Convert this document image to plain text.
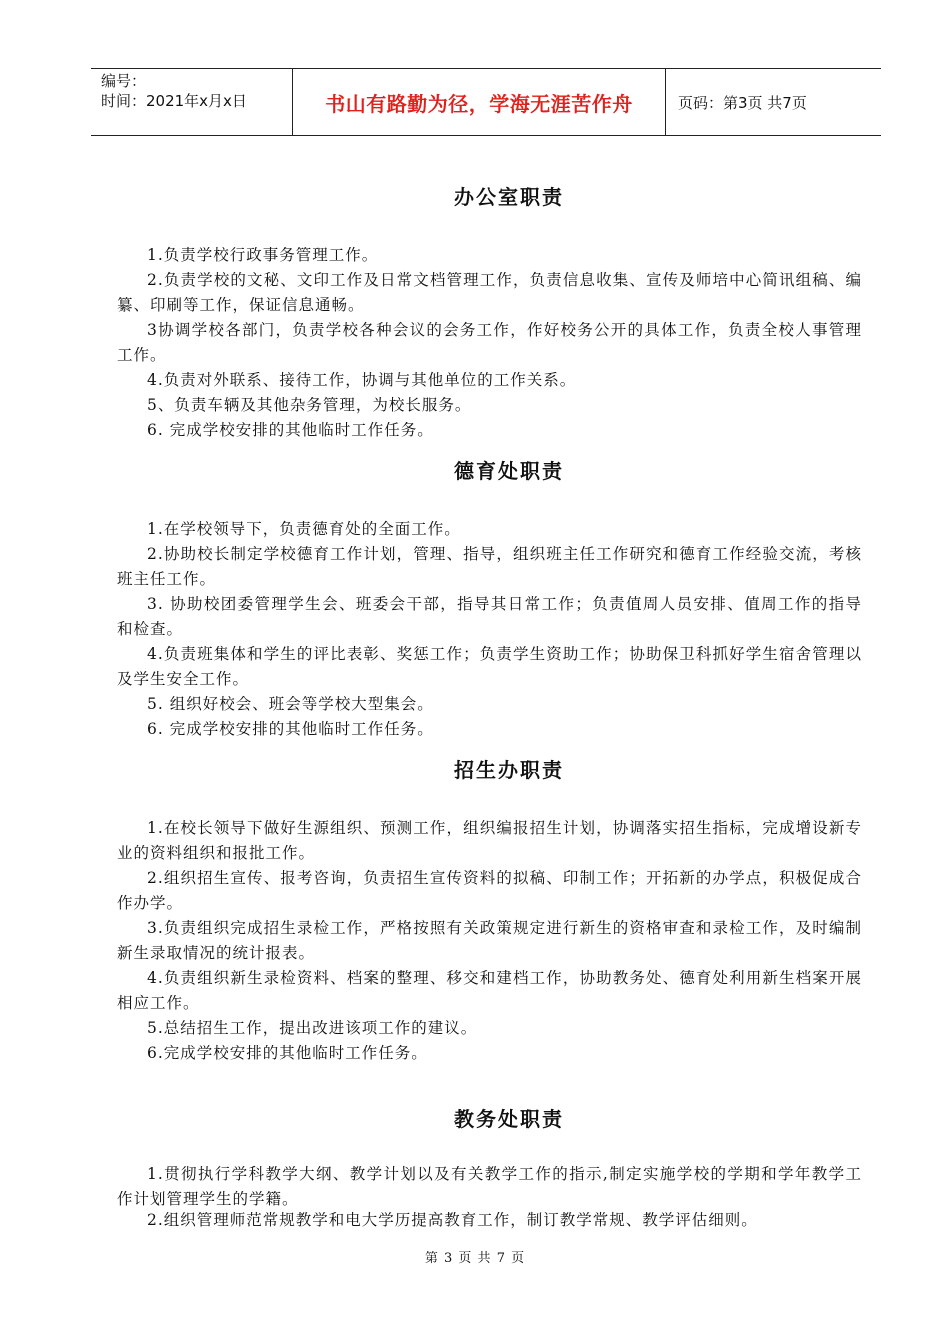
编号：
时间：2021年x月x日	书山有路勤为径，学海无涯苦作舟	页码：第3页 共7页
办公室职责
1.负责学校行政事务管理工作。
2.负责学校的文秘、文印工作及日常文档管理工作，负责信息收集、宣传及师培中心简讯组稿、编纂、印刷等工作，保证信息通畅。
3协调学校各部门，负责学校各种会议的会务工作，作好校务公开的具体工作，负责全校人事管理工作。
4.负责对外联系、接待工作，协调与其他单位的工作关系。
5、负责车辆及其他杂务管理，为校长服务。
6. 完成学校安排的其他临时工作任务。
德育处职责
1.在学校领导下，负责德育处的全面工作。
2.协助校长制定学校德育工作计划，管理、指导，组织班主任工作研究和德育工作经验交流，考核班主任工作。
3. 协助校团委管理学生会、班委会干部，指导其日常工作；负责值周人员安排、值周工作的指导和检查。
4.负责班集体和学生的评比表彰、奖惩工作；负责学生资助工作；协助保卫科抓好学生宿舍管理以及学生安全工作。
5. 组织好校会、班会等学校大型集会。
6. 完成学校安排的其他临时工作任务。
招生办职责
1.在校长领导下做好生源组织、预测工作，组织编报招生计划，协调落实招生指标，完成增设新专业的资料组织和报批工作。
2.组织招生宣传、报考咨询，负责招生宣传资料的拟稿、印制工作；开拓新的办学点，积极促成合作办学。
3.负责组织完成招生录检工作，严格按照有关政策规定进行新生的资格审查和录检工作，及时编制新生录取情况的统计报表。
4.负责组织新生录检资料、档案的整理、移交和建档工作，协助教务处、德育处利用新生档案开展相应工作。
5.总结招生工作，提出改进该项工作的建议。
6.完成学校安排的其他临时工作任务。
教务处职责
1.贯彻执行学科教学大纲、教学计划以及有关教学工作的指示,制定实施学校的学期和学年教学工作计划管理学生的学籍。
2.组织管理师范常规教学和电大学历提高教育工作，制订教学常规、教学评估细则。
第 3 页 共 7 页
